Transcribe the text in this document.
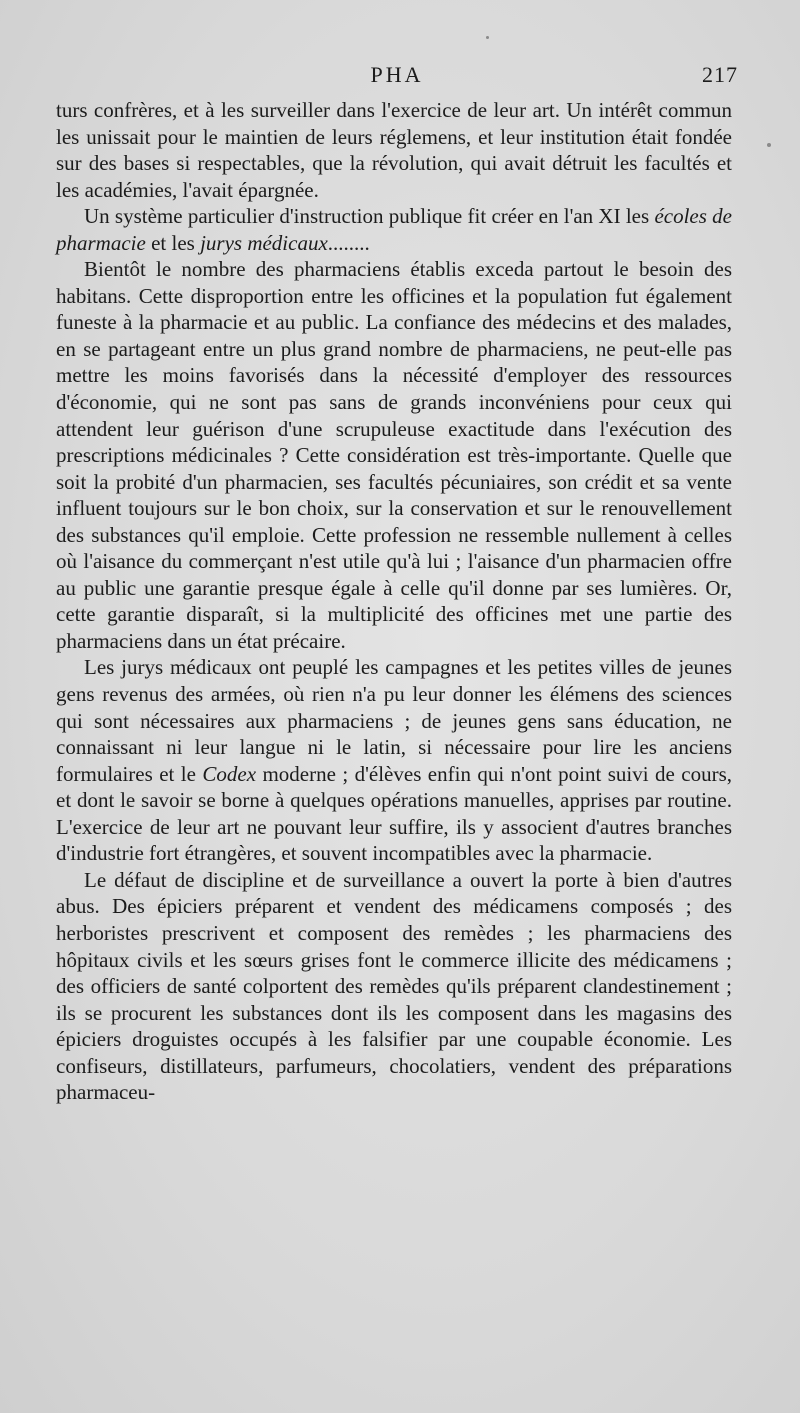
PHA	217

turs confrères, et à les surveiller dans l'exercice de leur art. Un intérêt commun les unissait pour le maintien de leurs réglemens, et leur institution était fondée sur des bases si respectables, que la révolution, qui avait détruit les facultés et les académies, l'avait épargnée.

Un système particulier d'instruction publique fit créer en l'an XI les écoles de pharmacie et les jurys médicaux........

Bientôt le nombre des pharmaciens établis exceda partout le besoin des habitans. Cette disproportion entre les officines et la population fut également funeste à la pharmacie et au public. La confiance des médecins et des malades, en se partageant entre un plus grand nombre de pharmaciens, ne peut-elle pas mettre les moins favorisés dans la nécessité d'employer des ressources d'économie, qui ne sont pas sans de grands inconvéniens pour ceux qui attendent leur guérison d'une scrupuleuse exactitude dans l'exécution des prescriptions médicinales ? Cette considération est très-importante. Quelle que soit la probité d'un pharmacien, ses facultés pécuniaires, son crédit et sa vente influent toujours sur le bon choix, sur la conservation et sur le renouvellement des substances qu'il emploie. Cette profession ne ressemble nullement à celles où l'aisance du commerçant n'est utile qu'à lui ; l'aisance d'un pharmacien offre au public une garantie presque égale à celle qu'il donne par ses lumières. Or, cette garantie disparaît, si la multiplicité des officines met une partie des pharmaciens dans un état précaire.

Les jurys médicaux ont peuplé les campagnes et les petites villes de jeunes gens revenus des armées, où rien n'a pu leur donner les élémens des sciences qui sont nécessaires aux pharmaciens ; de jeunes gens sans éducation, ne connaissant ni leur langue ni le latin, si nécessaire pour lire les anciens formulaires et le Codex moderne ; d'élèves enfin qui n'ont point suivi de cours, et dont le savoir se borne à quelques opérations manuelles, apprises par routine. L'exercice de leur art ne pouvant leur suffire, ils y associent d'autres branches d'industrie fort étrangères, et souvent incompatibles avec la pharmacie.

Le défaut de discipline et de surveillance a ouvert la porte à bien d'autres abus. Des épiciers préparent et vendent des médicamens composés ; des herboristes prescrivent et composent des remèdes ; les pharmaciens des hôpitaux civils et les sœurs grises font le commerce illicite des médicamens ; des officiers de santé colportent des remèdes qu'ils préparent clandestinement ; ils se procurent les substances dont ils les composent dans les magasins des épiciers droguistes occupés à les falsifier par une coupable économie. Les confiseurs, distillateurs, parfumeurs, chocolatiers, vendent des préparations pharmaceu-
